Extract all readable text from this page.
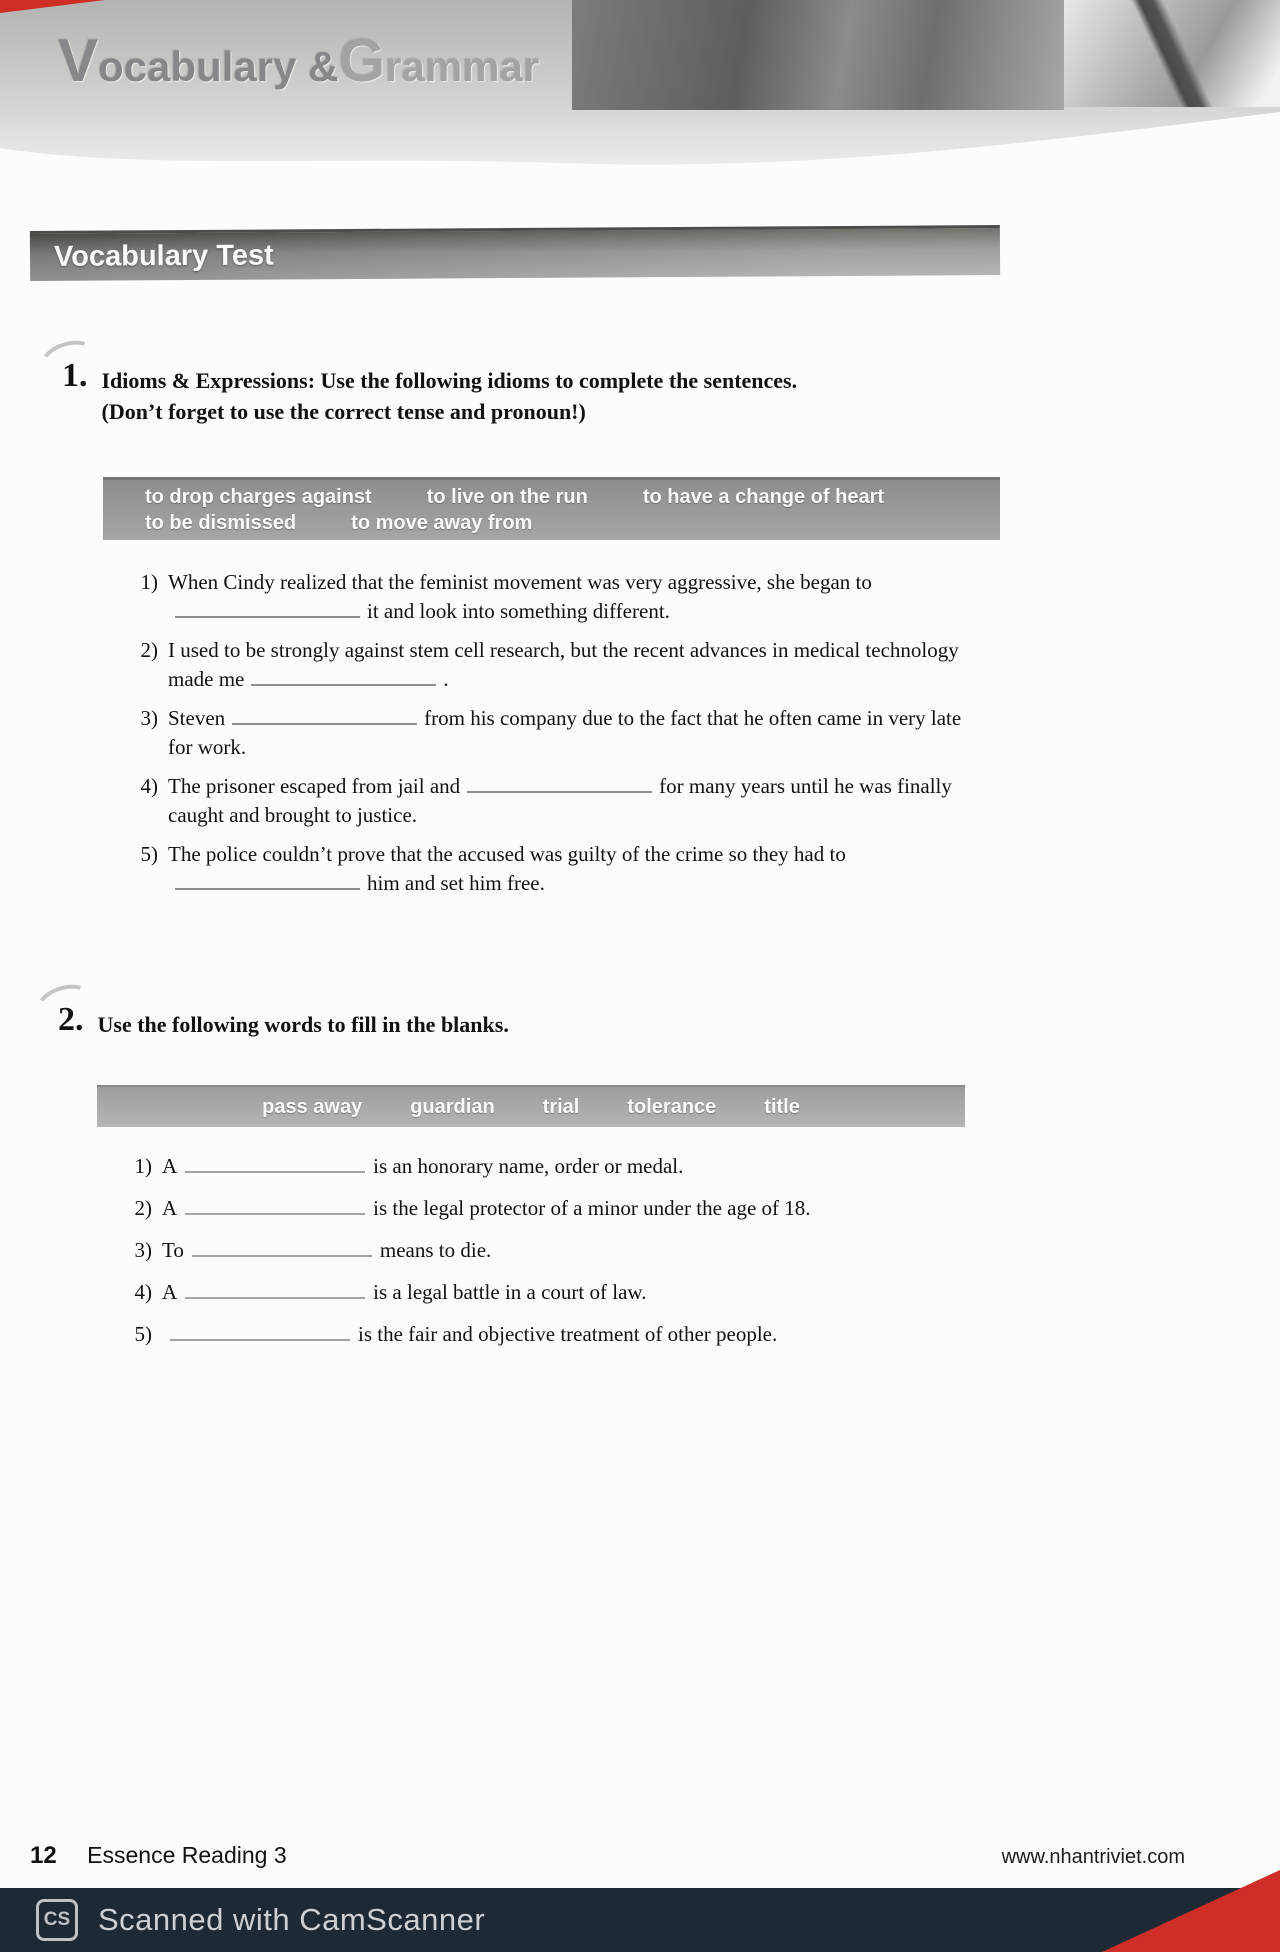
V ocabulary & G rammar
Vocabulary Test
1. Idioms & Expressions: Use the following idioms to complete the sentences.
(Don’t forget to use the correct tense and pronoun!)
to drop charges against	to live on the run	to have a change of heart
to be dismissed	to move away from
1) When Cindy realized that the feminist movement was very aggressive, she began toit and look into something different.
2) I used to be strongly against stem cell research, but the recent advances in medical technology made me	.
3) Steven	from his company due to the fact that he often came in very late for work.
4) The prisoner escaped from jail and	for many years until he was finally caught and brought to justice.
5) The police couldn’t prove that the accused was guilty of the crime so they had tohim and set him free.
2. Use the following words to fill in the blanks.
pass away guardian trial tolerance title
1) A	is an honorary name, order or medal.
2) A	is the legal protector of a minor under the age of 18.
3) To	means to die.
4) A	is a legal battle in a court of law.
5)	is the fair and objective treatment of other people.
12 Essence Reading 3	www.nhantriviet.com
CS Scanned with CamScanner
